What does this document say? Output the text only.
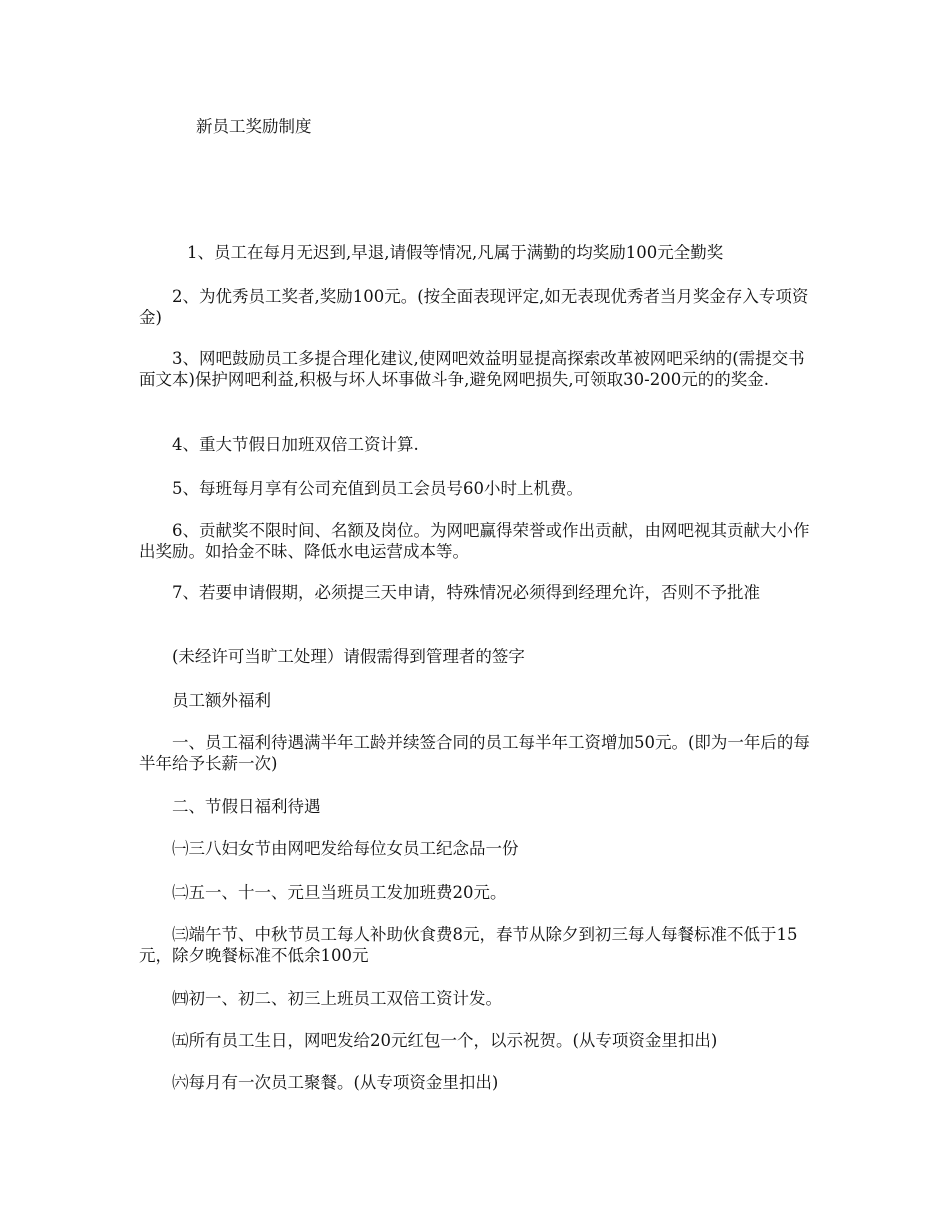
新员工奖励制度

1、员工在每月无迟到,早退,请假等情况,凡属于满勤的均奖励100元全勤奖

2、为优秀员工奖者,奖励100元。(按全面表现评定,如无表现优秀者当月奖金存入专项资金)

3、网吧鼓励员工多提合理化建议,使网吧效益明显提高探索改革被网吧采纳的(需提交书面文本)保护网吧利益,积极与坏人坏事做斗争,避免网吧损失,可领取30-200元的的奖金.

4、重大节假日加班双倍工资计算.

5、每班每月享有公司充值到员工会员号60小时上机费。

6、贡献奖不限时间、名额及岗位。为网吧赢得荣誉或作出贡献，由网吧视其贡献大小作出奖励。如拾金不昧、降低水电运营成本等。

7、若要申请假期，必须提三天申请，特殊情况必须得到经理允许，否则不予批准

(未经许可当旷工处理）请假需得到管理者的签字

员工额外福利

一、员工福利待遇满半年工龄并续签合同的员工每半年工资增加50元。(即为一年后的每半年给予长薪一次)

二、节假日福利待遇

㈠三八妇女节由网吧发给每位女员工纪念品一份

㈡五一、十一、元旦当班员工发加班费20元。

㈢端午节、中秋节员工每人补助伙食费8元，春节从除夕到初三每人每餐标准不低于15元，除夕晚餐标准不低余100元

㈣初一、初二、初三上班员工双倍工资计发。

㈤所有员工生日，网吧发给20元红包一个，以示祝贺。(从专项资金里扣出)

㈥每月有一次员工聚餐。(从专项资金里扣出)
